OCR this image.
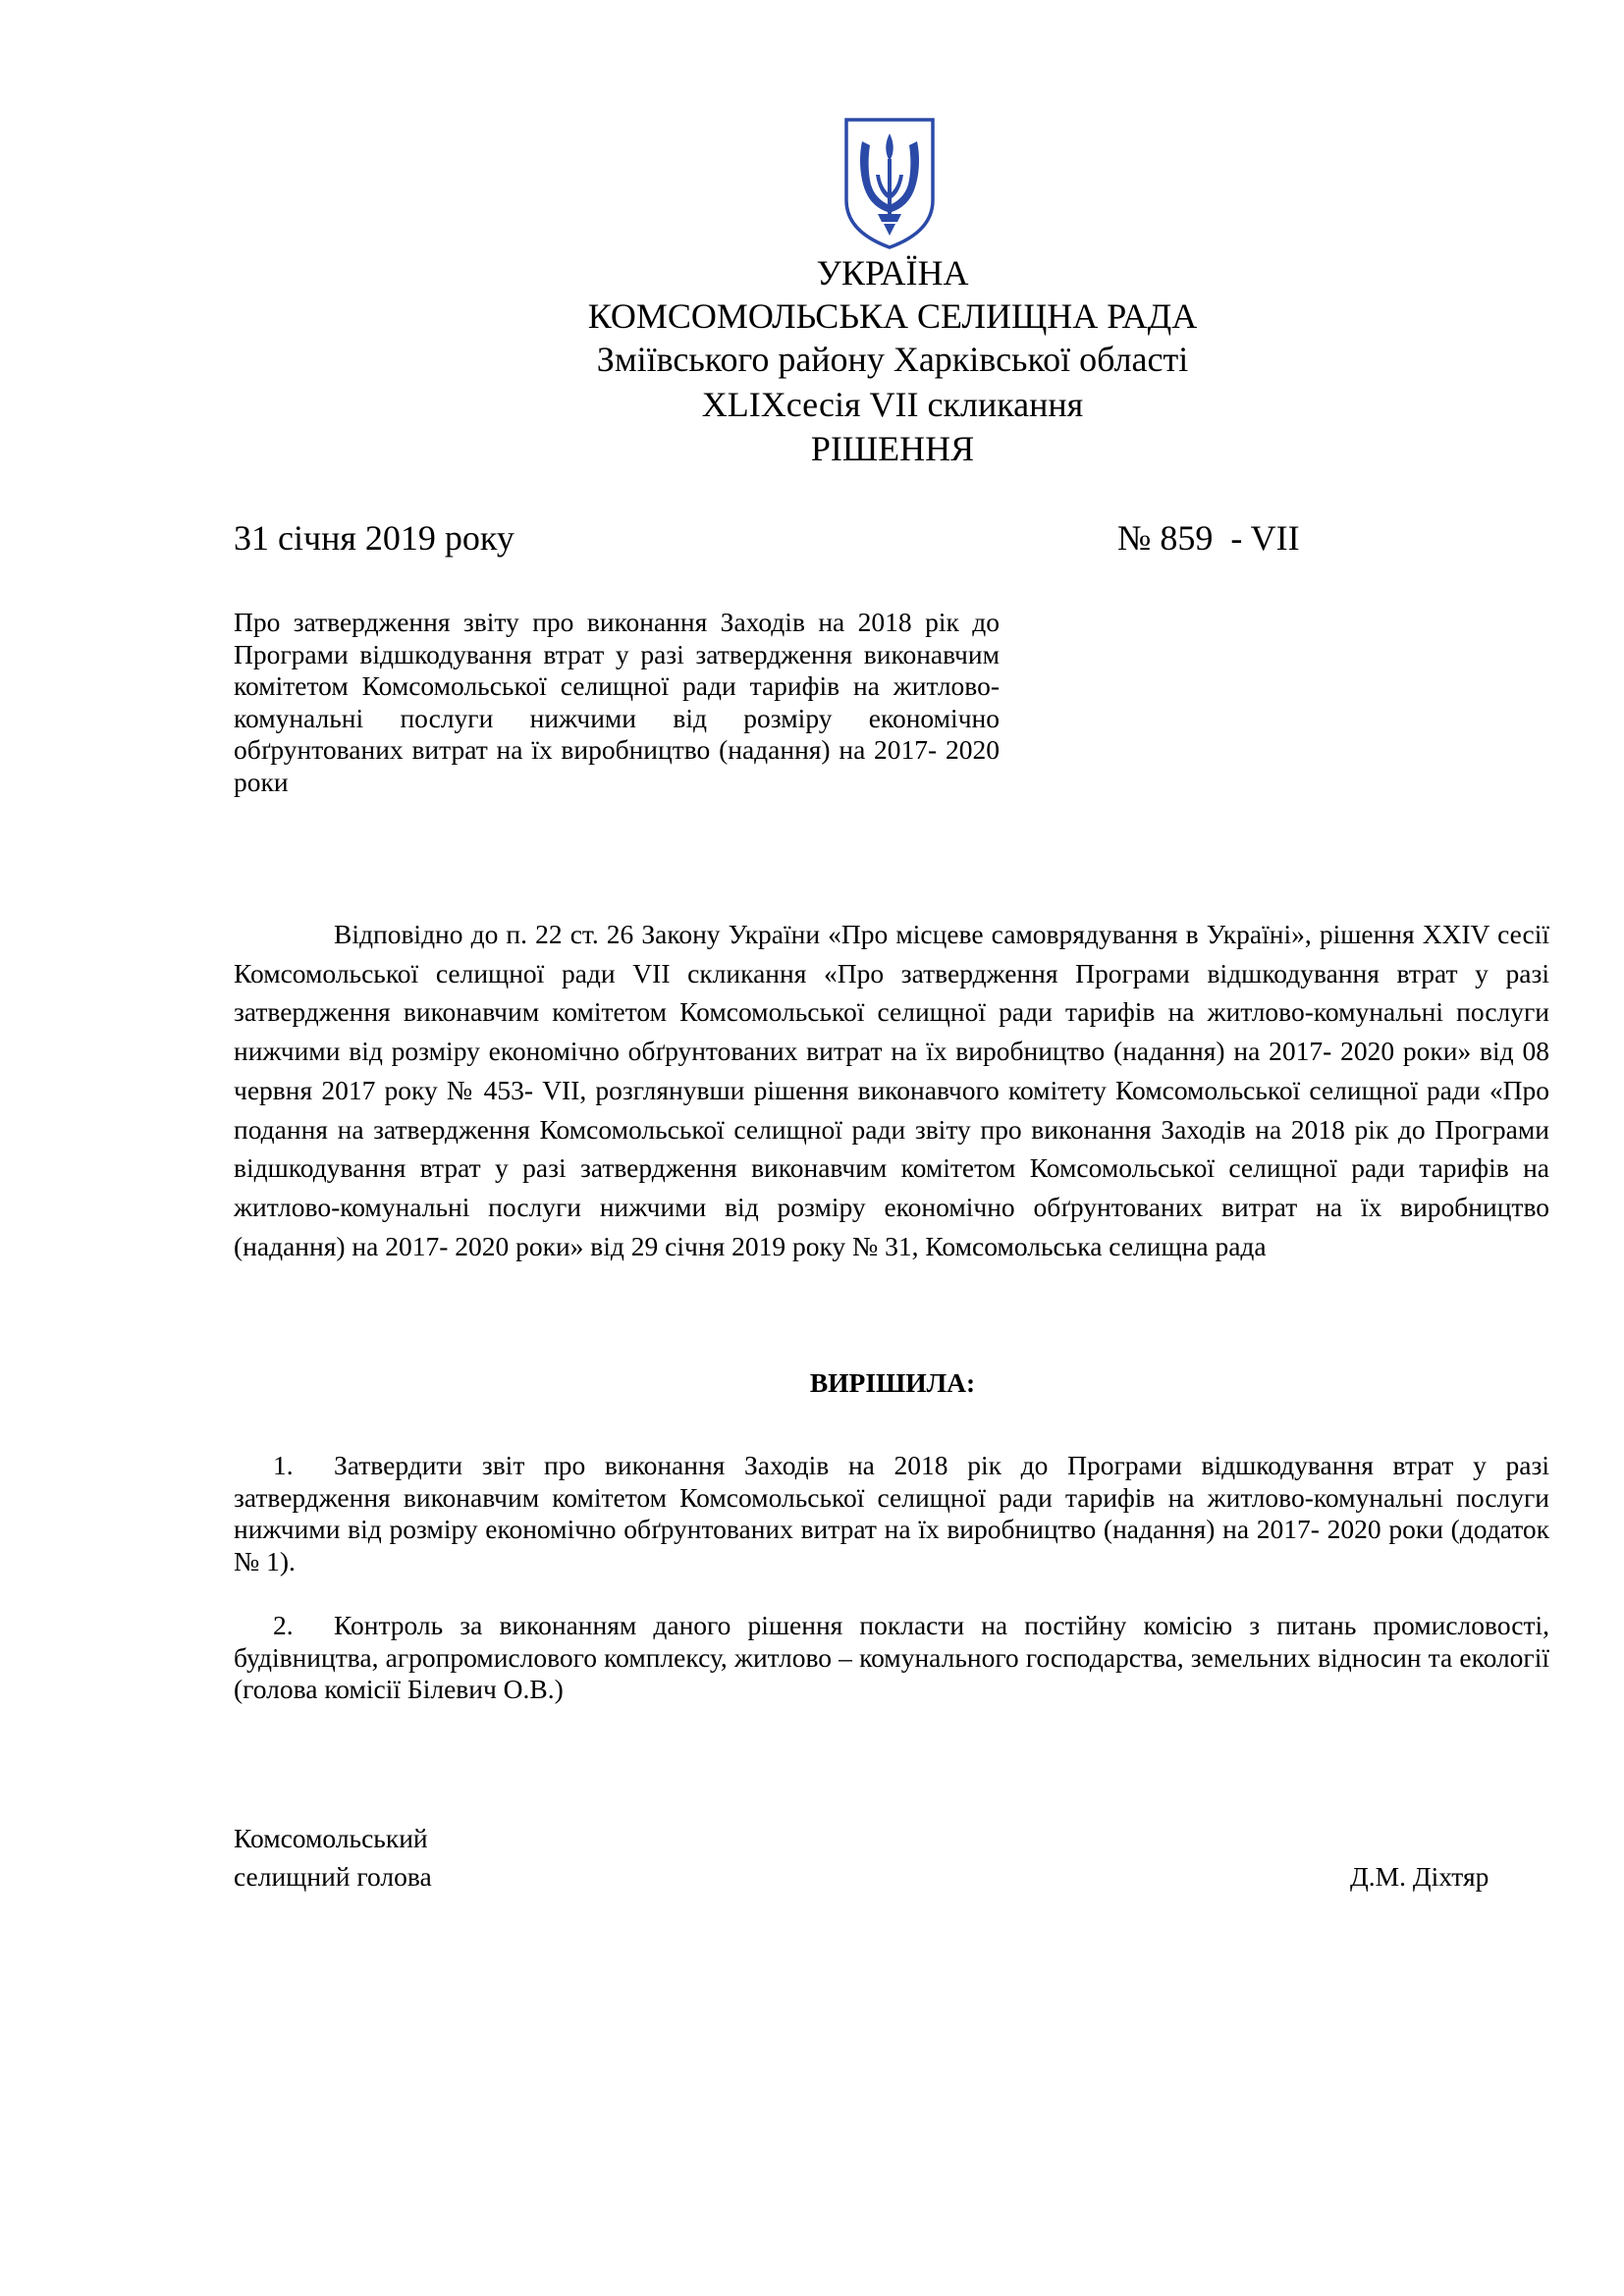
УКРАЇНА
КОМСОМОЛЬСЬКА СЕЛИЩНА РАДА
Зміївського району Харківської області
XLIXсесія VII скликання
РІШЕННЯ
31 січня 2019 року	№ 859  - VII
Про затвердження звіту про виконання Заходів на 2018 рік до Програми відшкодування втрат у разі затвердження виконавчим комітетом Комсомольської селищної ради тарифів на житлово-комунальні послуги нижчими від розміру економічно обґрунтованих витрат на їх виробництво (надання) на 2017- 2020 роки
Відповідно до п. 22 ст. 26 Закону України «Про місцеве самоврядування в Україні», рішення XXIV сесії Комсомольської селищної ради VII скликання «Про затвердження Програми відшкодування втрат у разі затвердження виконавчим комітетом Комсомольської селищної ради тарифів на житлово-комунальні послуги нижчими від розміру економічно обґрунтованих витрат на їх виробництво (надання) на 2017- 2020 роки» від 08 червня 2017 року № 453- VII, розглянувши рішення виконавчого комітету Комсомольської селищної ради «Про подання на затвердження Комсомольської селищної ради звіту про виконання Заходів на 2018 рік до Програми відшкодування втрат у разі затвердження виконавчим комітетом Комсомольської селищної ради тарифів на житлово-комунальні послуги нижчими від розміру економічно обґрунтованих витрат на їх виробництво (надання) на 2017- 2020 роки» від 29 січня 2019 року № 31, Комсомольська селищна рада
ВИРІШИЛА:
1. Затвердити звіт про виконання Заходів на 2018 рік до Програми відшкодування втрат у разі затвердження виконавчим комітетом Комсомольської селищної ради тарифів на житлово-комунальні послуги нижчими від розміру економічно обґрунтованих витрат на їх виробництво (надання) на 2017- 2020 роки (додаток № 1).
2. Контроль за виконанням даного рішення покласти на постійну комісію з питань промисловості, будівництва, агропромислового комплексу, житлово – комунального господарства, земельних відносин та екології (голова комісії Білевич О.В.)
Комсомольський
селищний голова	Д.М. Діхтяр
